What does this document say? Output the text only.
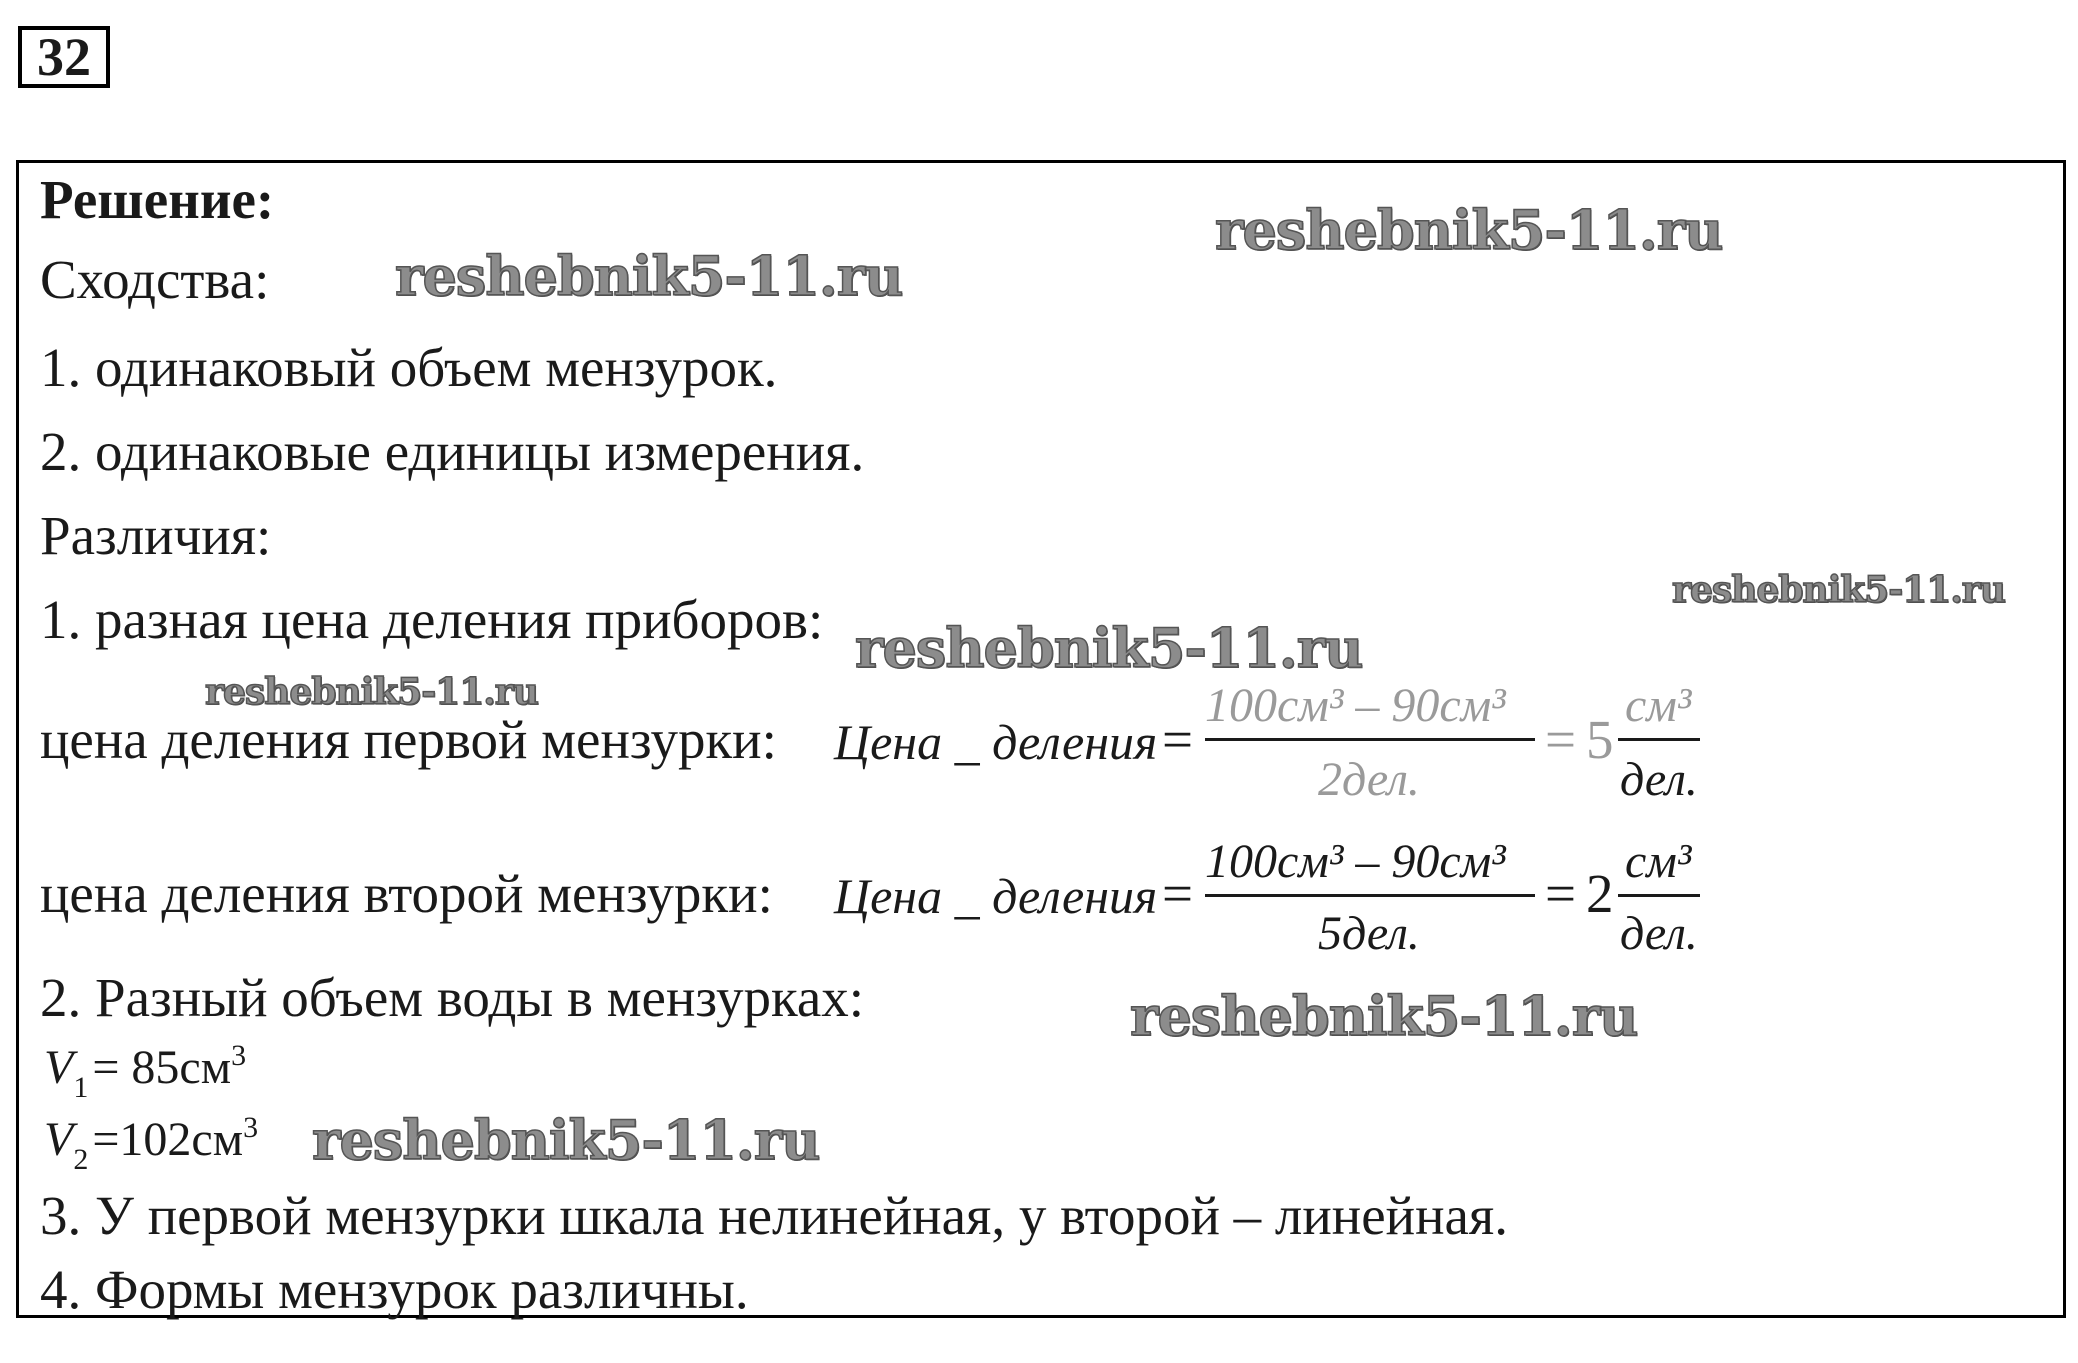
32
Решение:
Сходства:
1. одинаковый объем мензурок.
2. одинаковые единицы измерения.
Различия:
1. разная цена деления приборов:
цена деления первой мензурки: Цена _ деления =
100см³ – 90см³
2дел.
= 5
см³
дел.
цена деления второй мензурки: Цена _ деления =
100см³ – 90см³
5дел.
= 2
см³
дел.
2. Разный объем воды в мензурках:
V1 = 85см3
V2 =102см3
3. У первой мензурки шкала нелинейная, у второй – линейная.
4. Формы мензурок различны.
reshebnik5-11.ru
reshebnik5-11.ru
reshebnik5-11.ru
reshebnik5-11.ru
reshebnik5-11.ru
reshebnik5-11.ru
reshebnik5-11.ru
